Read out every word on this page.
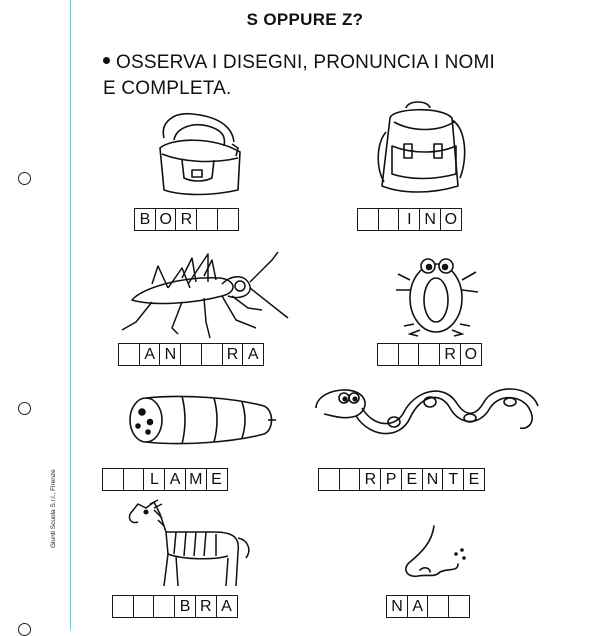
S OPPURE Z?
OSSERVA I DISEGNI, PRONUNCIA I NOMI
E COMPLETA.
B O R	I N O
A N	R A	R O
L A M E	R P E N T E
B R A	N A
Giunti Scuola S.r.l., Firenze
